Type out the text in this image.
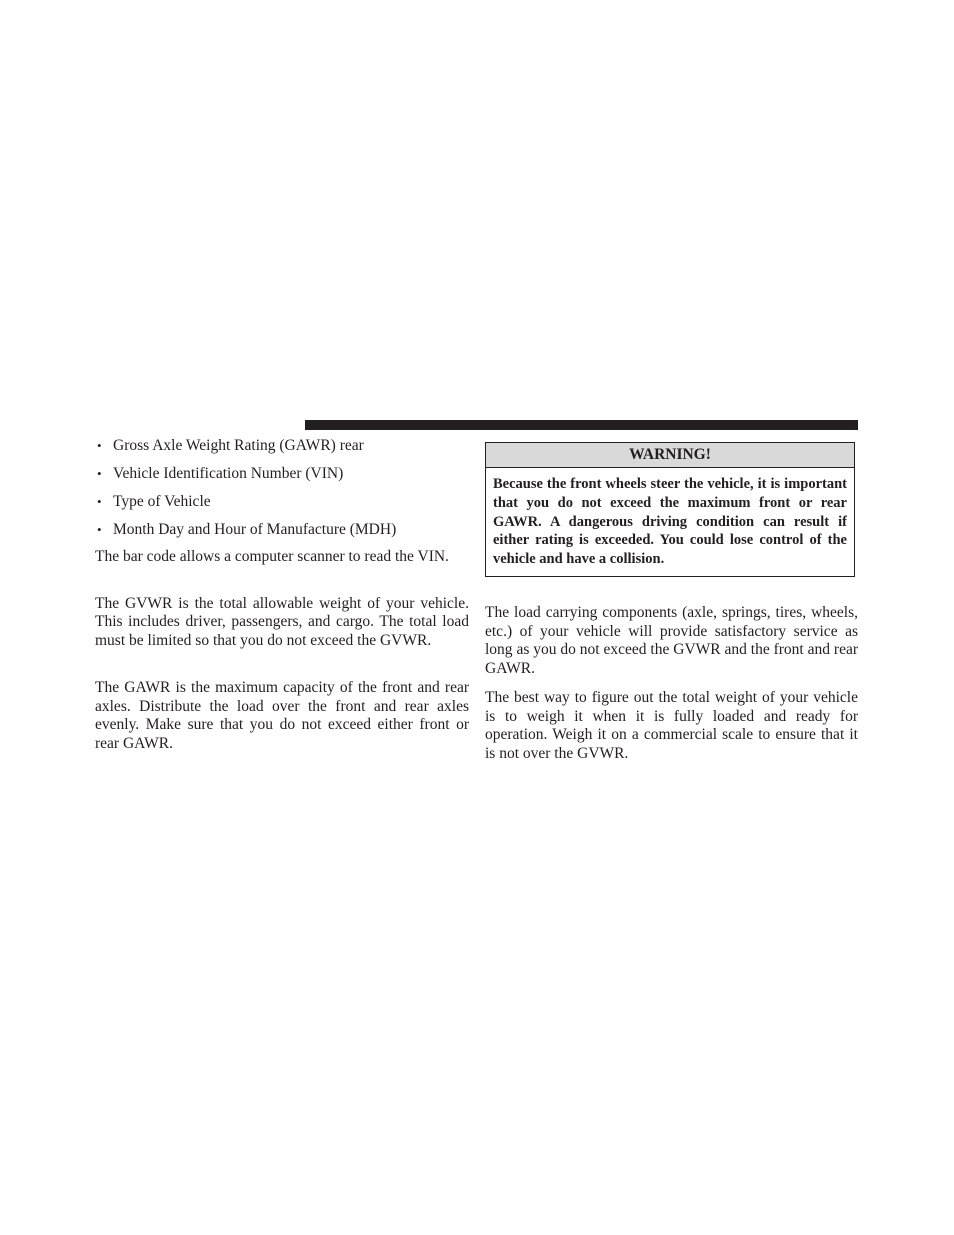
• Gross Axle Weight Rating (GAWR) rear
• Vehicle Identification Number (VIN)
• Type of Vehicle
• Month Day and Hour of Manufacture (MDH)

The bar code allows a computer scanner to read the VIN.

The GVWR is the total allowable weight of your vehicle. This includes driver, passengers, and cargo. The total load must be limited so that you do not exceed the GVWR.

The GAWR is the maximum capacity of the front and rear axles. Distribute the load over the front and rear axles evenly. Make sure that you do not exceed either front or rear GAWR.

WARNING!
Because the front wheels steer the vehicle, it is important that you do not exceed the maximum front or rear GAWR. A dangerous driving condition can result if either rating is exceeded. You could lose control of the vehicle and have a collision.

The load carrying components (axle, springs, tires, wheels, etc.) of your vehicle will provide satisfactory service as long as you do not exceed the GVWR and the front and rear GAWR.

The best way to figure out the total weight of your vehicle is to weigh it when it is fully loaded and ready for operation. Weigh it on a commercial scale to ensure that it is not over the GVWR.
